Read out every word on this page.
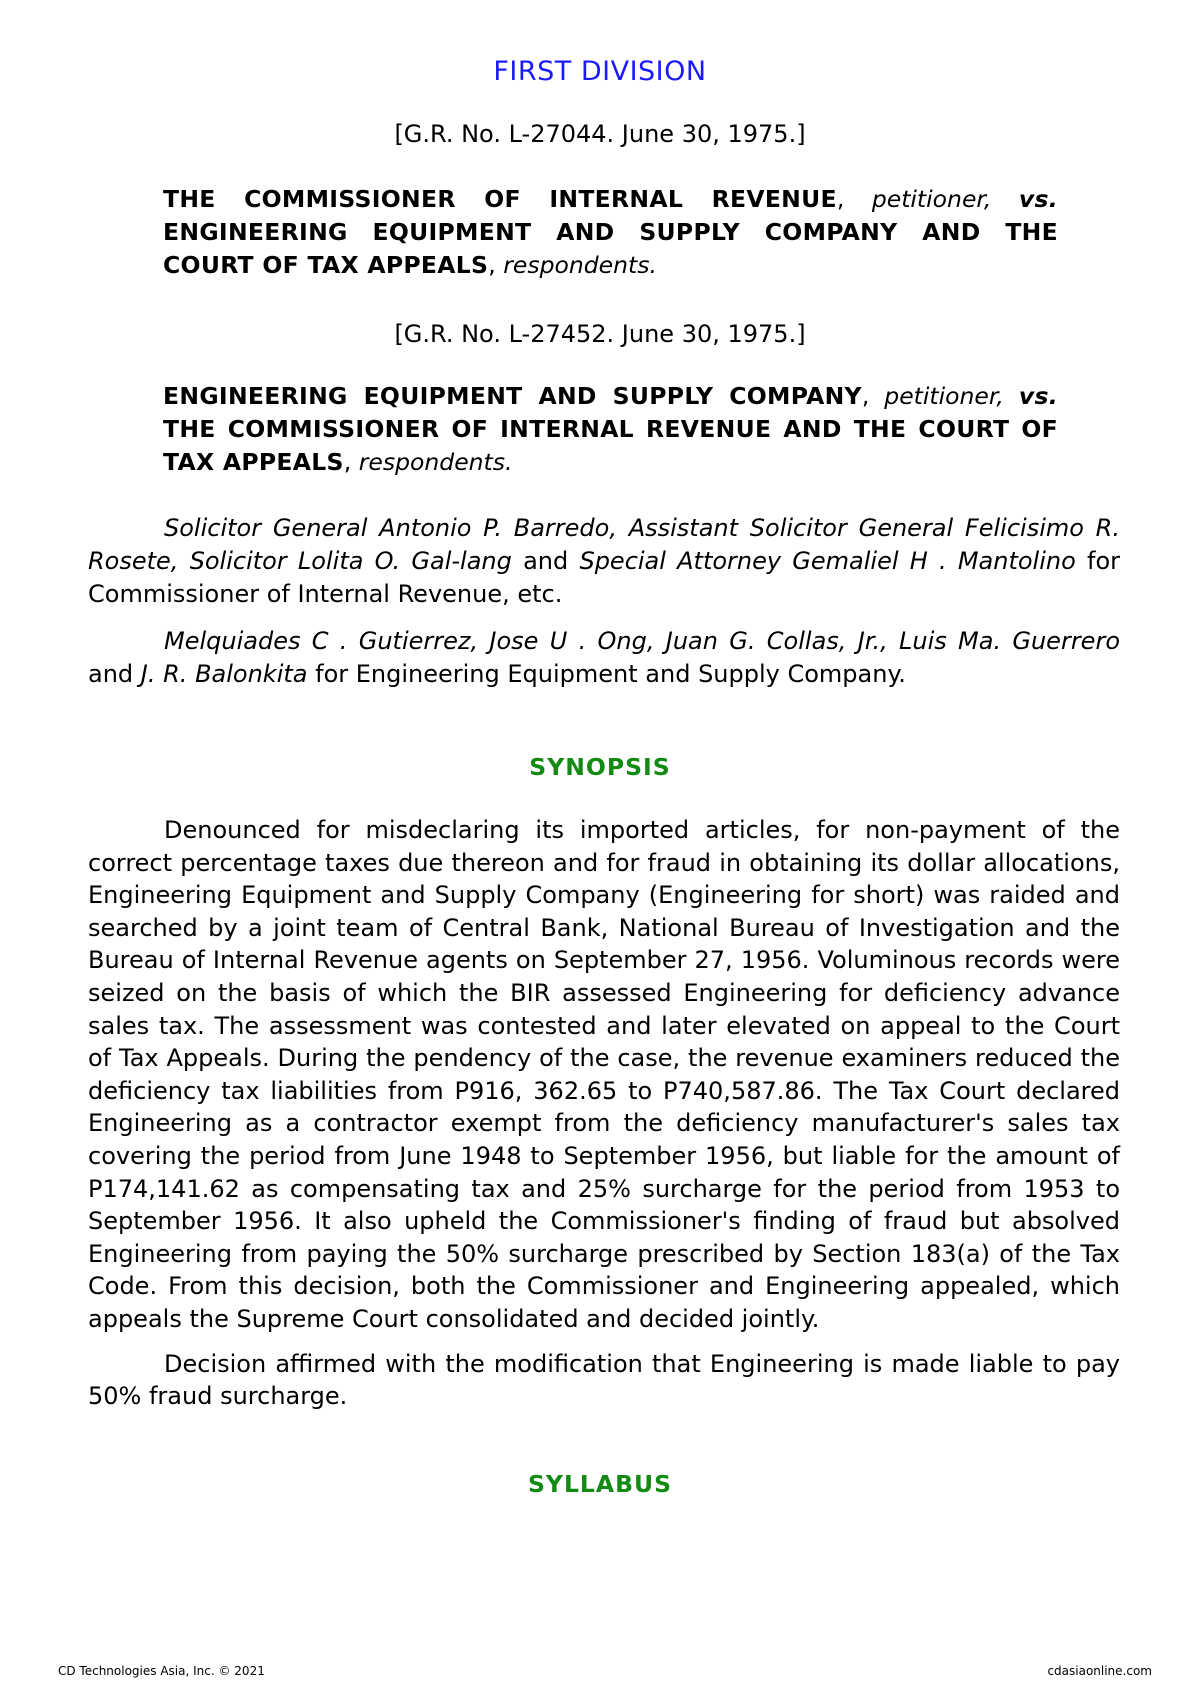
FIRST DIVISION
[G.R. No. L-27044. June 30, 1975.]
THE COMMISSIONER OF INTERNAL REVENUE, petitioner, vs. ENGINEERING EQUIPMENT AND SUPPLY COMPANY AND THE COURT OF TAX APPEALS, respondents.
[G.R. No. L-27452. June 30, 1975.]
ENGINEERING EQUIPMENT AND SUPPLY COMPANY, petitioner, vs. THE COMMISSIONER OF INTERNAL REVENUE AND THE COURT OF TAX APPEALS, respondents.

Solicitor General Antonio P. Barredo, Assistant Solicitor General Felicisimo R. Rosete, Solicitor Lolita O. Gal-lang and Special Attorney Gemaliel H . Mantolino for Commissioner of Internal Revenue, etc.

Melquiades C . Gutierrez, Jose U . Ong, Juan G. Collas, Jr., Luis Ma. Guerrero and J. R. Balonkita for Engineering Equipment and Supply Company.

SYNOPSIS

Denounced for misdeclaring its imported articles, for non-payment of the correct percentage taxes due thereon and for fraud in obtaining its dollar allocations, Engineering Equipment and Supply Company (Engineering for short) was raided and searched by a joint team of Central Bank, National Bureau of Investigation and the Bureau of Internal Revenue agents on September 27, 1956. Voluminous records were seized on the basis of which the BIR assessed Engineering for deficiency advance sales tax. The assessment was contested and later elevated on appeal to the Court of Tax Appeals. During the pendency of the case, the revenue examiners reduced the deficiency tax liabilities from P916, 362.65 to P740,587.86. The Tax Court declared Engineering as a contractor exempt from the deficiency manufacturer's sales tax covering the period from June 1948 to September 1956, but liable for the amount of P174,141.62 as compensating tax and 25% surcharge for the period from 1953 to September 1956. It also upheld the Commissioner's finding of fraud but absolved Engineering from paying the 50% surcharge prescribed by Section 183(a) of the Tax Code. From this decision, both the Commissioner and Engineering appealed, which appeals the Supreme Court consolidated and decided jointly.

Decision affirmed with the modification that Engineering is made liable to pay 50% fraud surcharge.

SYLLABUS
CD Technologies Asia, Inc. © 2021	cdasiaonline.com
